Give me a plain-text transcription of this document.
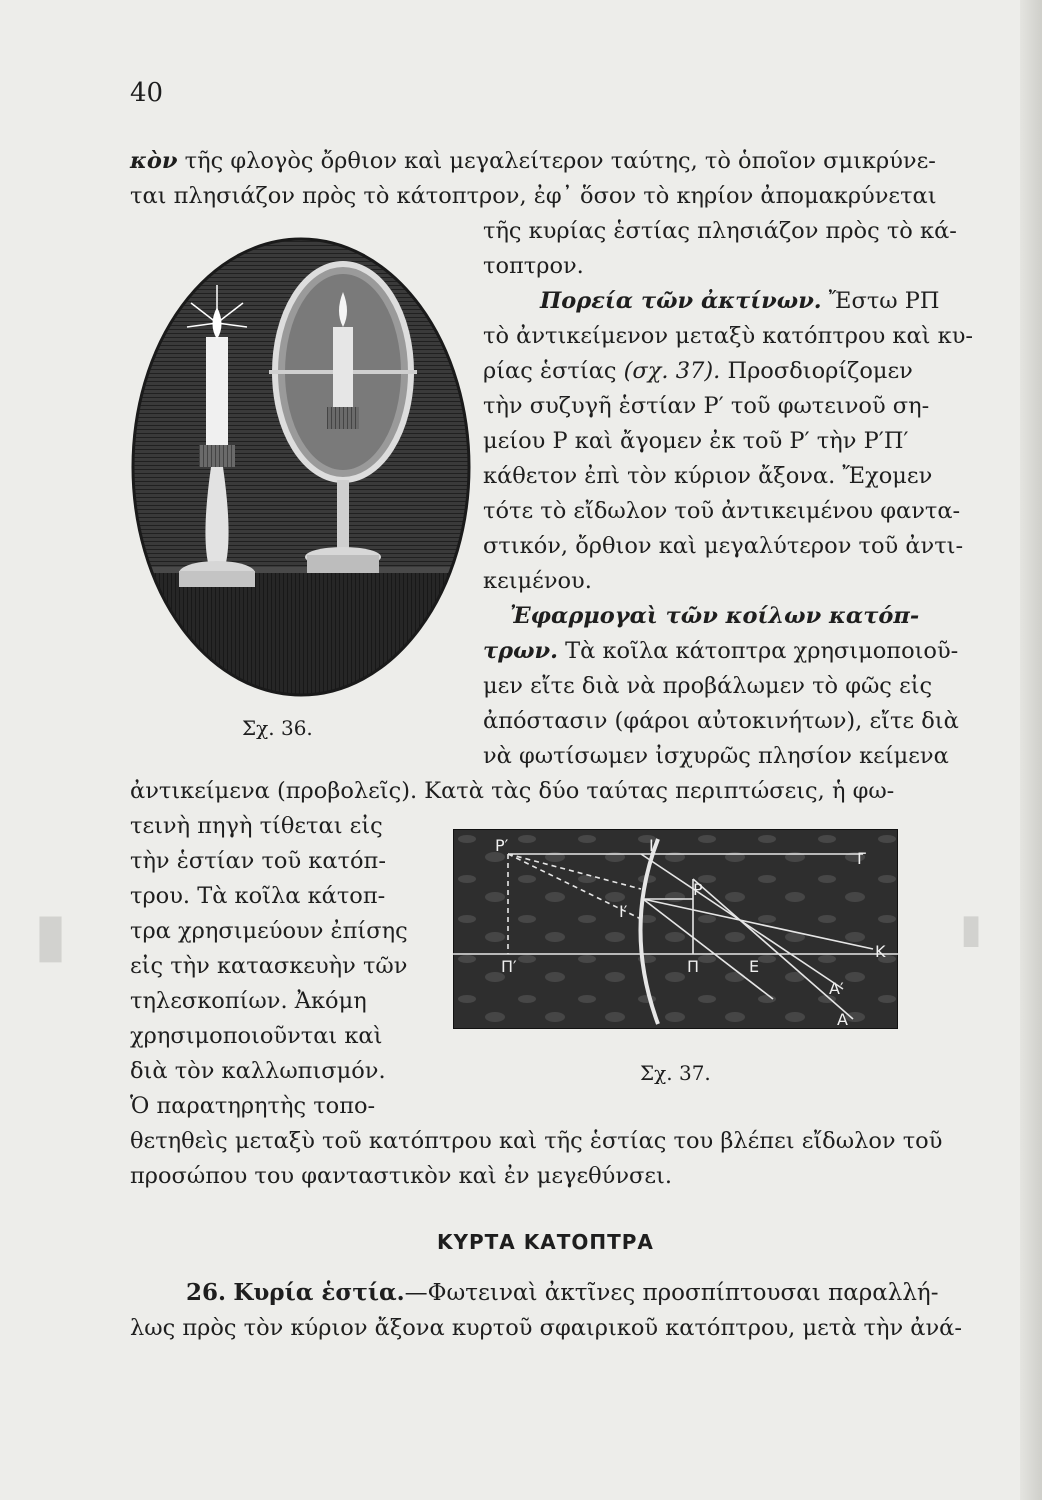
▮	▮
40
κὸν τῆς φλογὸς ὄρθιον καὶ μεγαλείτερον ταύτης, τὸ ὁποῖον σμικρύνε-
ται πλησιάζον πρὸς τὸ κάτοπτρον, ἐφ᾽ ὅσον τὸ κηρίον ἀπομακρύνεται
τῆς κυρίας ἑστίας πλησιάζον πρὸς τὸ κά-
τοπτρον.
Πορεία τῶν ἀκτίνων. Ἔστω ΡΠ
τὸ ἀντικείμενον μεταξὺ κατόπτρου καὶ κυ-
ρίας ἑστίας (σχ. 37). Προσδιορίζομεν
τὴν συζυγῆ ἑστίαν Ρ′ τοῦ φωτεινοῦ ση-
μείου Ρ καὶ ἄγομεν ἐκ τοῦ Ρ′ τὴν Ρ′Π′
κάθετον ἐπὶ τὸν κύριον ἄξονα. Ἔχομεν
τότε τὸ εἴδωλον τοῦ ἀντικειμένου φαντα-
στικόν, ὄρθιον καὶ μεγαλύτερον τοῦ ἀντι-
κειμένου.
Ἐφαρμογαὶ τῶν κοίλων κατόπ-
τρων. Τὰ κοῖλα κάτοπτρα χρησιμοποιοῦ-
μεν εἴτε διὰ νὰ προβάλωμεν τὸ φῶς εἰς
ἀπόστασιν (φάροι αὐτοκινήτων), εἴτε διὰ
νὰ φωτίσωμεν ἰσχυρῶς πλησίον κείμενα
ἀντικείμενα (προβολεῖς). Κατὰ τὰς δύο ταύτας περιπτώσεις, ἡ φω-
τεινὴ πηγὴ τίθεται εἰς
τὴν ἑστίαν τοῦ κατόπ-
τρου. Τὰ κοῖλα κάτοπ-
τρα χρησιμεύουν ἐπίσης
εἰς τὴν κατασκευὴν τῶν
τηλεσκοπίων. Ἀκόμη
χρησιμοποιοῦνται καὶ
διὰ τὸν καλλωπισμόν.
Ὁ παρατηρητὴς τοπο-
θετηθεὶς μεταξὺ τοῦ κατόπτρου καὶ τῆς ἑστίας του βλέπει εἴδωλον τοῦ
προσώπου του φανταστικὸν καὶ ἐν μεγεθύνσει.
Σχ. 36.
Ρ′	Ι
Γ
Ρ
Ι′
Π′	Π	Ε
Κ
Α′
Α
Σχ. 37.
ΚΥΡΤΑ ΚΑΤΟΠΤΡΑ
26. Κυρία ἑστία.—Φωτειναὶ ἀκτῖνες προσπίπτουσαι παραλλή-
λως πρὸς τὸν κύριον ἄξονα κυρτοῦ σφαιρικοῦ κατόπτρου, μετὰ τὴν ἀνά-
